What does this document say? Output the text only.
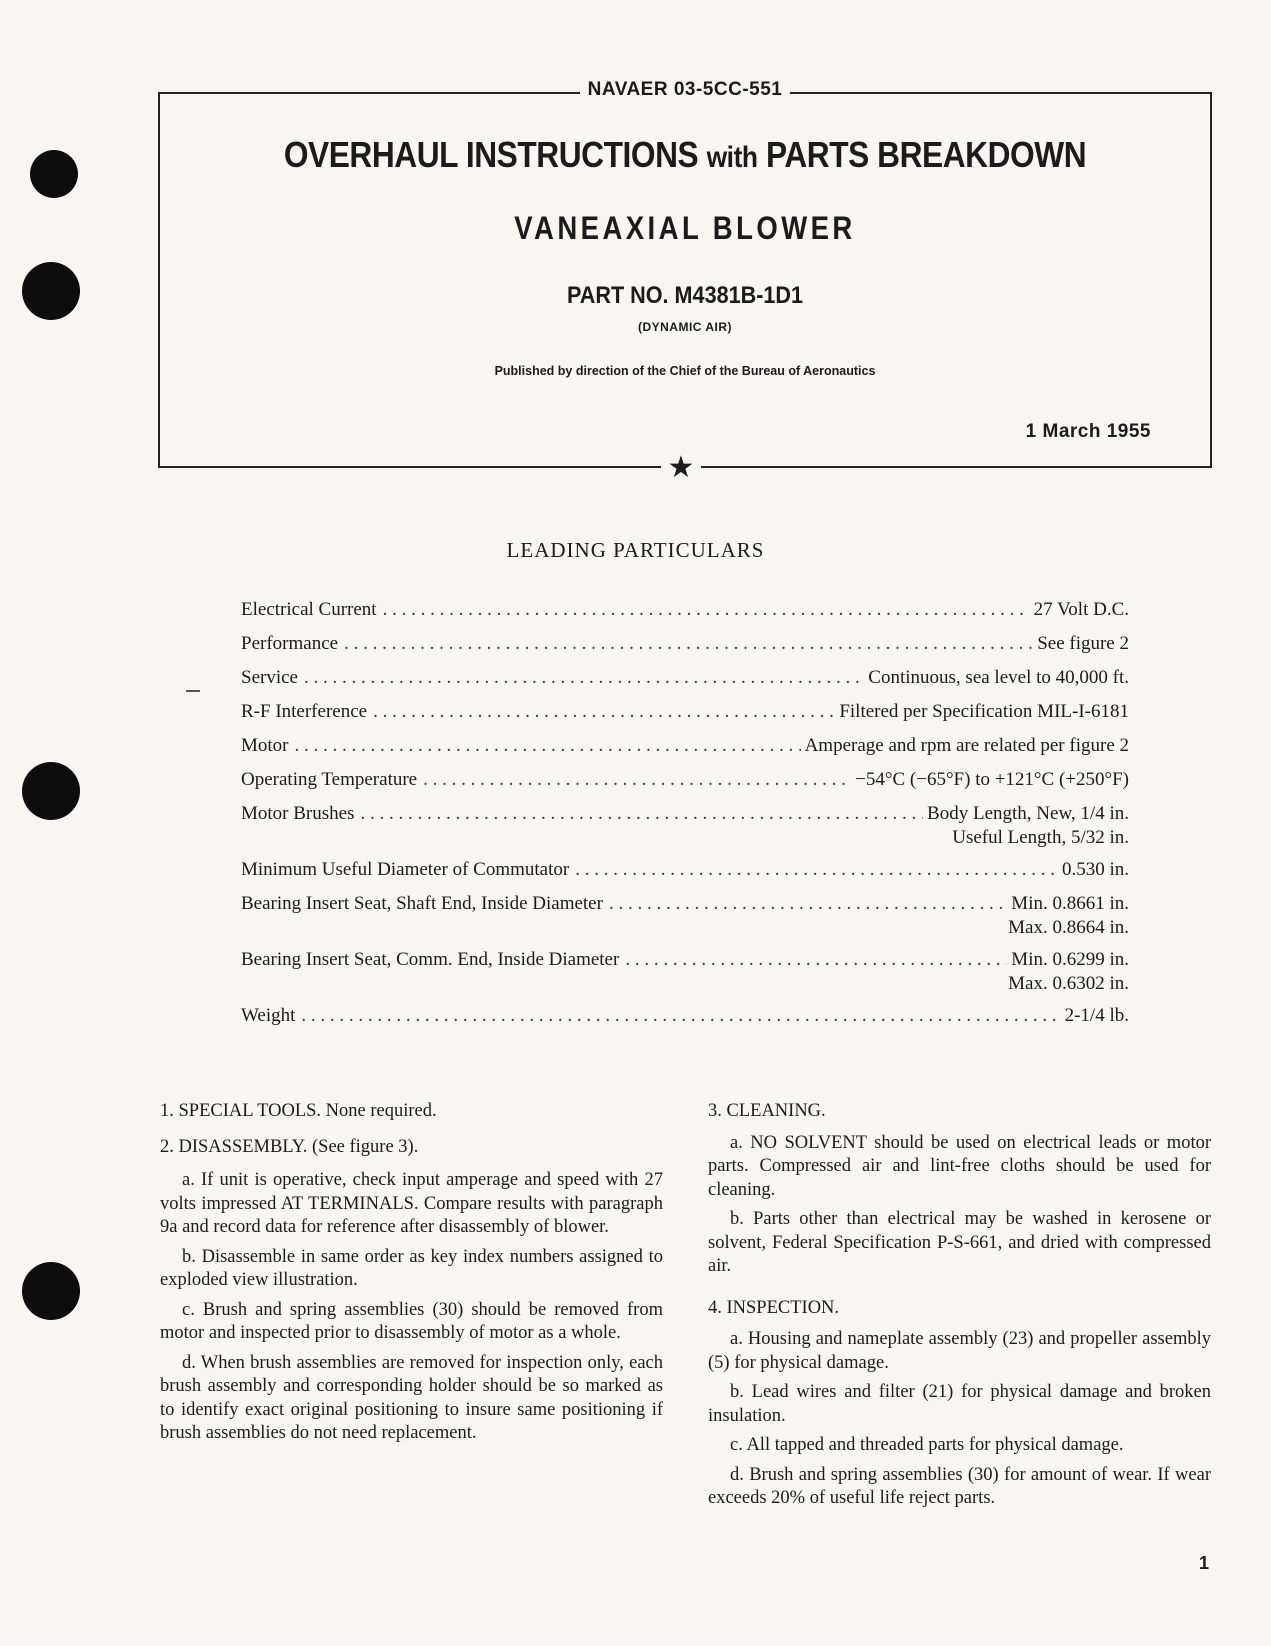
NAVAER 03-5CC-551
OVERHAUL INSTRUCTIONS with PARTS BREAKDOWN
VANEAXIAL BLOWER
PART NO. M4381B-1D1
(DYNAMIC AIR)
Published by direction of the Chief of the Bureau of Aeronautics
1 March 1955
★
LEADING PARTICULARS
Electrical Current . . .	27 Volt D.C.
Performance . . .	See figure 2
Service . . .	Continuous, sea level to 40,000 ft.
R-F Interference . . .	Filtered per Specification MIL-I-6181
Motor . . .	Amperage and rpm are related per figure 2
Operating Temperature . . .	−54°C (−65°F) to +121°C (+250°F)
Motor Brushes . . .	Body Length, New, 1/4 in.
Useful Length, 5/32 in.
Minimum Useful Diameter of Commutator . . .	0.530 in.
Bearing Insert Seat, Shaft End, Inside Diameter . . .	Min. 0.8661 in.
Max. 0.8664 in.
Bearing Insert Seat, Comm. End, Inside Diameter . . .	Min. 0.6299 in.
Max. 0.6302 in.
Weight . . .	2-1/4 lb.

1. SPECIAL TOOLS. None required.

2. DISASSEMBLY. (See figure 3).

a. If unit is operative, check input amperage and speed with 27 volts impressed AT TERMINALS. Compare results with paragraph 9a and record data for reference after disassembly of blower.

b. Disassemble in same order as key index numbers assigned to exploded view illustration.

c. Brush and spring assemblies (30) should be removed from motor and inspected prior to disassembly of motor as a whole.

d. When brush assemblies are removed for inspection only, each brush assembly and corresponding holder should be so marked as to identify exact original positioning to insure same positioning if brush assemblies do not need replacement.

3. CLEANING.

a. NO SOLVENT should be used on electrical leads or motor parts. Compressed air and lint-free cloths should be used for cleaning.

b. Parts other than electrical may be washed in kerosene or solvent, Federal Specification P-S-661, and dried with compressed air.

4. INSPECTION.

a. Housing and nameplate assembly (23) and propeller assembly (5) for physical damage.

b. Lead wires and filter (21) for physical damage and broken insulation.

c. All tapped and threaded parts for physical damage.

d. Brush and spring assemblies (30) for amount of wear. If wear exceeds 20% of useful life reject parts.

1
